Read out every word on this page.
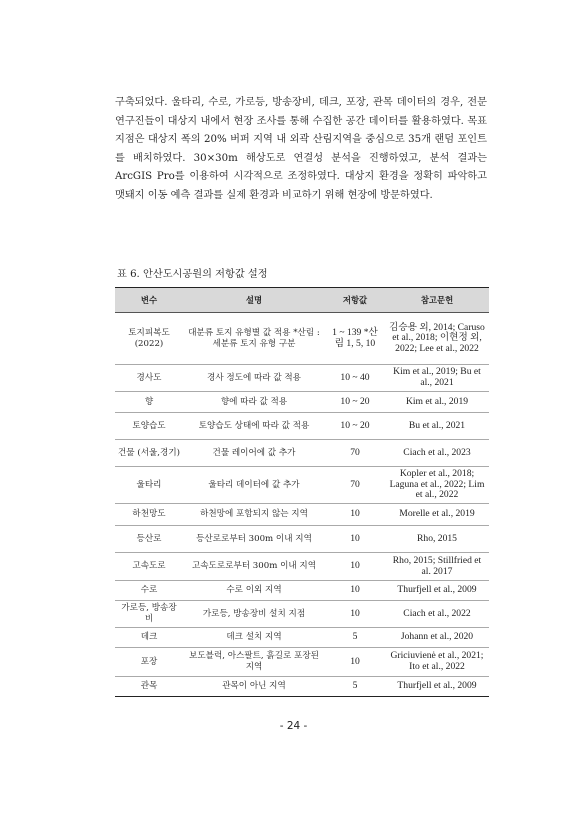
구축되었다. 울타리, 수로, 가로등, 방송장비, 데크, 포장, 관목 데이터의 경우, 전문 연구진들이 대상지 내에서 현장 조사를 통해 수집한 공간 데이터를 활용하였다. 목표 지점은 대상지 폭의 20% 버퍼 지역 내 외곽 산림지역을 중심으로 35개 랜덤 포인트를 배치하였다. 30×30m 해상도로 연결성 분석을 진행하였고, 분석 결과는 ArcGIS Pro를 이용하여 시각적으로 조정하였다. 대상지 환경을 정확히 파악하고 맷돼지 이동 예측 결과를 실제 환경과 비교하기 위해 현장에 방문하였다.

표 6. 안산도시공원의 저항값 설정

변수	설명	저항값	참고문헌
토지피복도 (2022)	대분류 토지 유형별 값 적용 *산림 : 세분류 토지 유형 구분	1 ~ 139 *산림 1, 5, 10	김승용 외, 2014; Caruso et al., 2018; 이현정 외, 2022; Lee et al., 2022
경사도	경사 정도에 따라 값 적용	10 ~ 40	Kim et al., 2019; Bu et al., 2021
향	향에 따라 값 적용	10 ~ 20	Kim et al., 2019
토양습도	토양습도 상태에 따라 값 적용	10 ~ 20	Bu et al., 2021
건물 (서울,경기)	건물 레이어에 값 추가	70	Ciach et al., 2023
울타리	울타리 데이터에 값 추가	70	Kopler et al., 2018; Laguna et al., 2022; Lim et al., 2022
하천망도	하천망에 포함되지 않는 지역	10	Morelle et al., 2019
등산로	등산로로부터 300m 이내 지역	10	Rho, 2015
고속도로	고속도로로부터 300m 이내 지역	10	Rho, 2015; Stillfried et al. 2017
수로	수로 이외 지역	10	Thurfjell et al., 2009
가로등, 방송장비	가로등, 방송장비 설치 지점	10	Ciach et al., 2022
데크	데크 설치 지역	5	Johann et al., 2020
포장	보도블럭, 아스팔트, 흙길로 포장된 지역	10	Griciuvienė et al., 2021; Ito et al., 2022
관목	관목이 아닌 지역	5	Thurfjell et al., 2009
- 24 -
